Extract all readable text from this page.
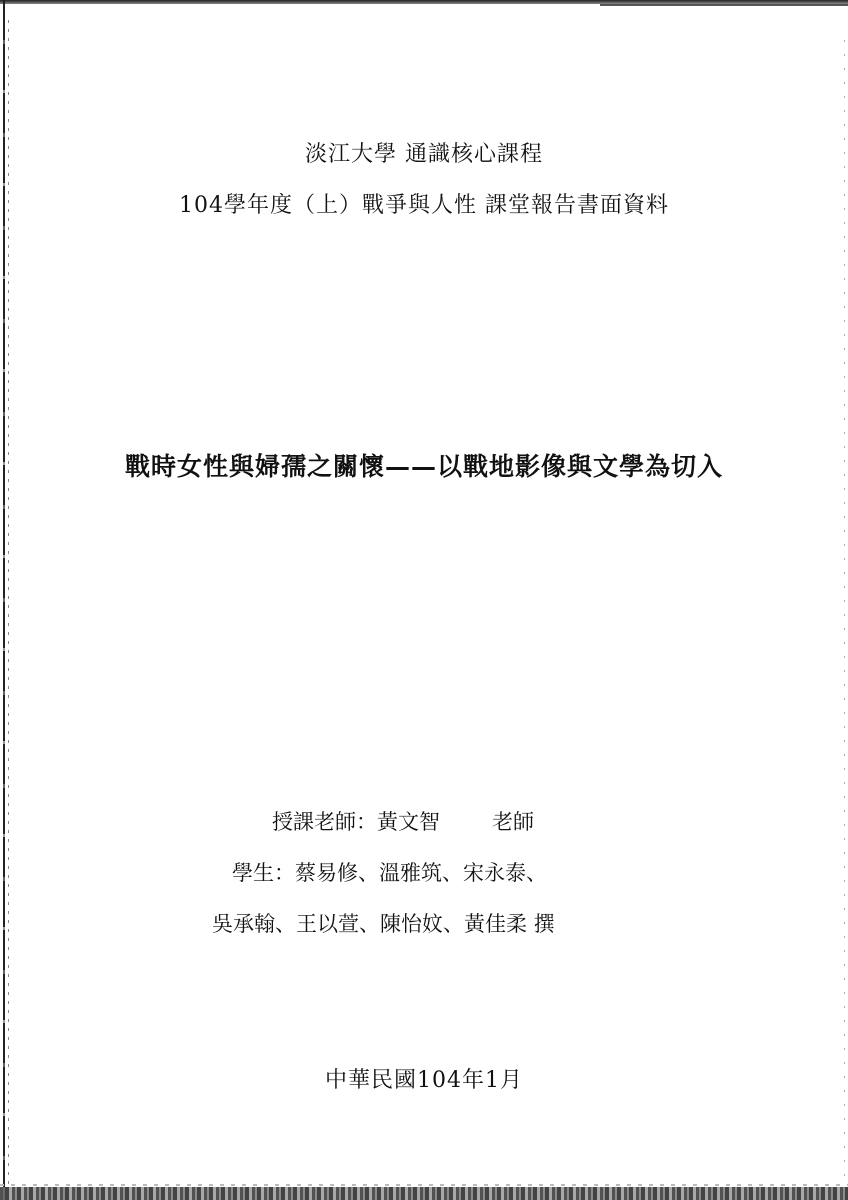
淡江大學 通識核心課程
104學年度（上）戰爭與人性 課堂報告書面資料
戰時女性與婦孺之關懷——以戰地影像與文學為切入
授課老師：黃文智 老師
學生：蔡易修、溫雅筑、宋永泰、
吳承翰、王以萱、陳怡妏、黃佳柔 撰
中華民國104年1月
